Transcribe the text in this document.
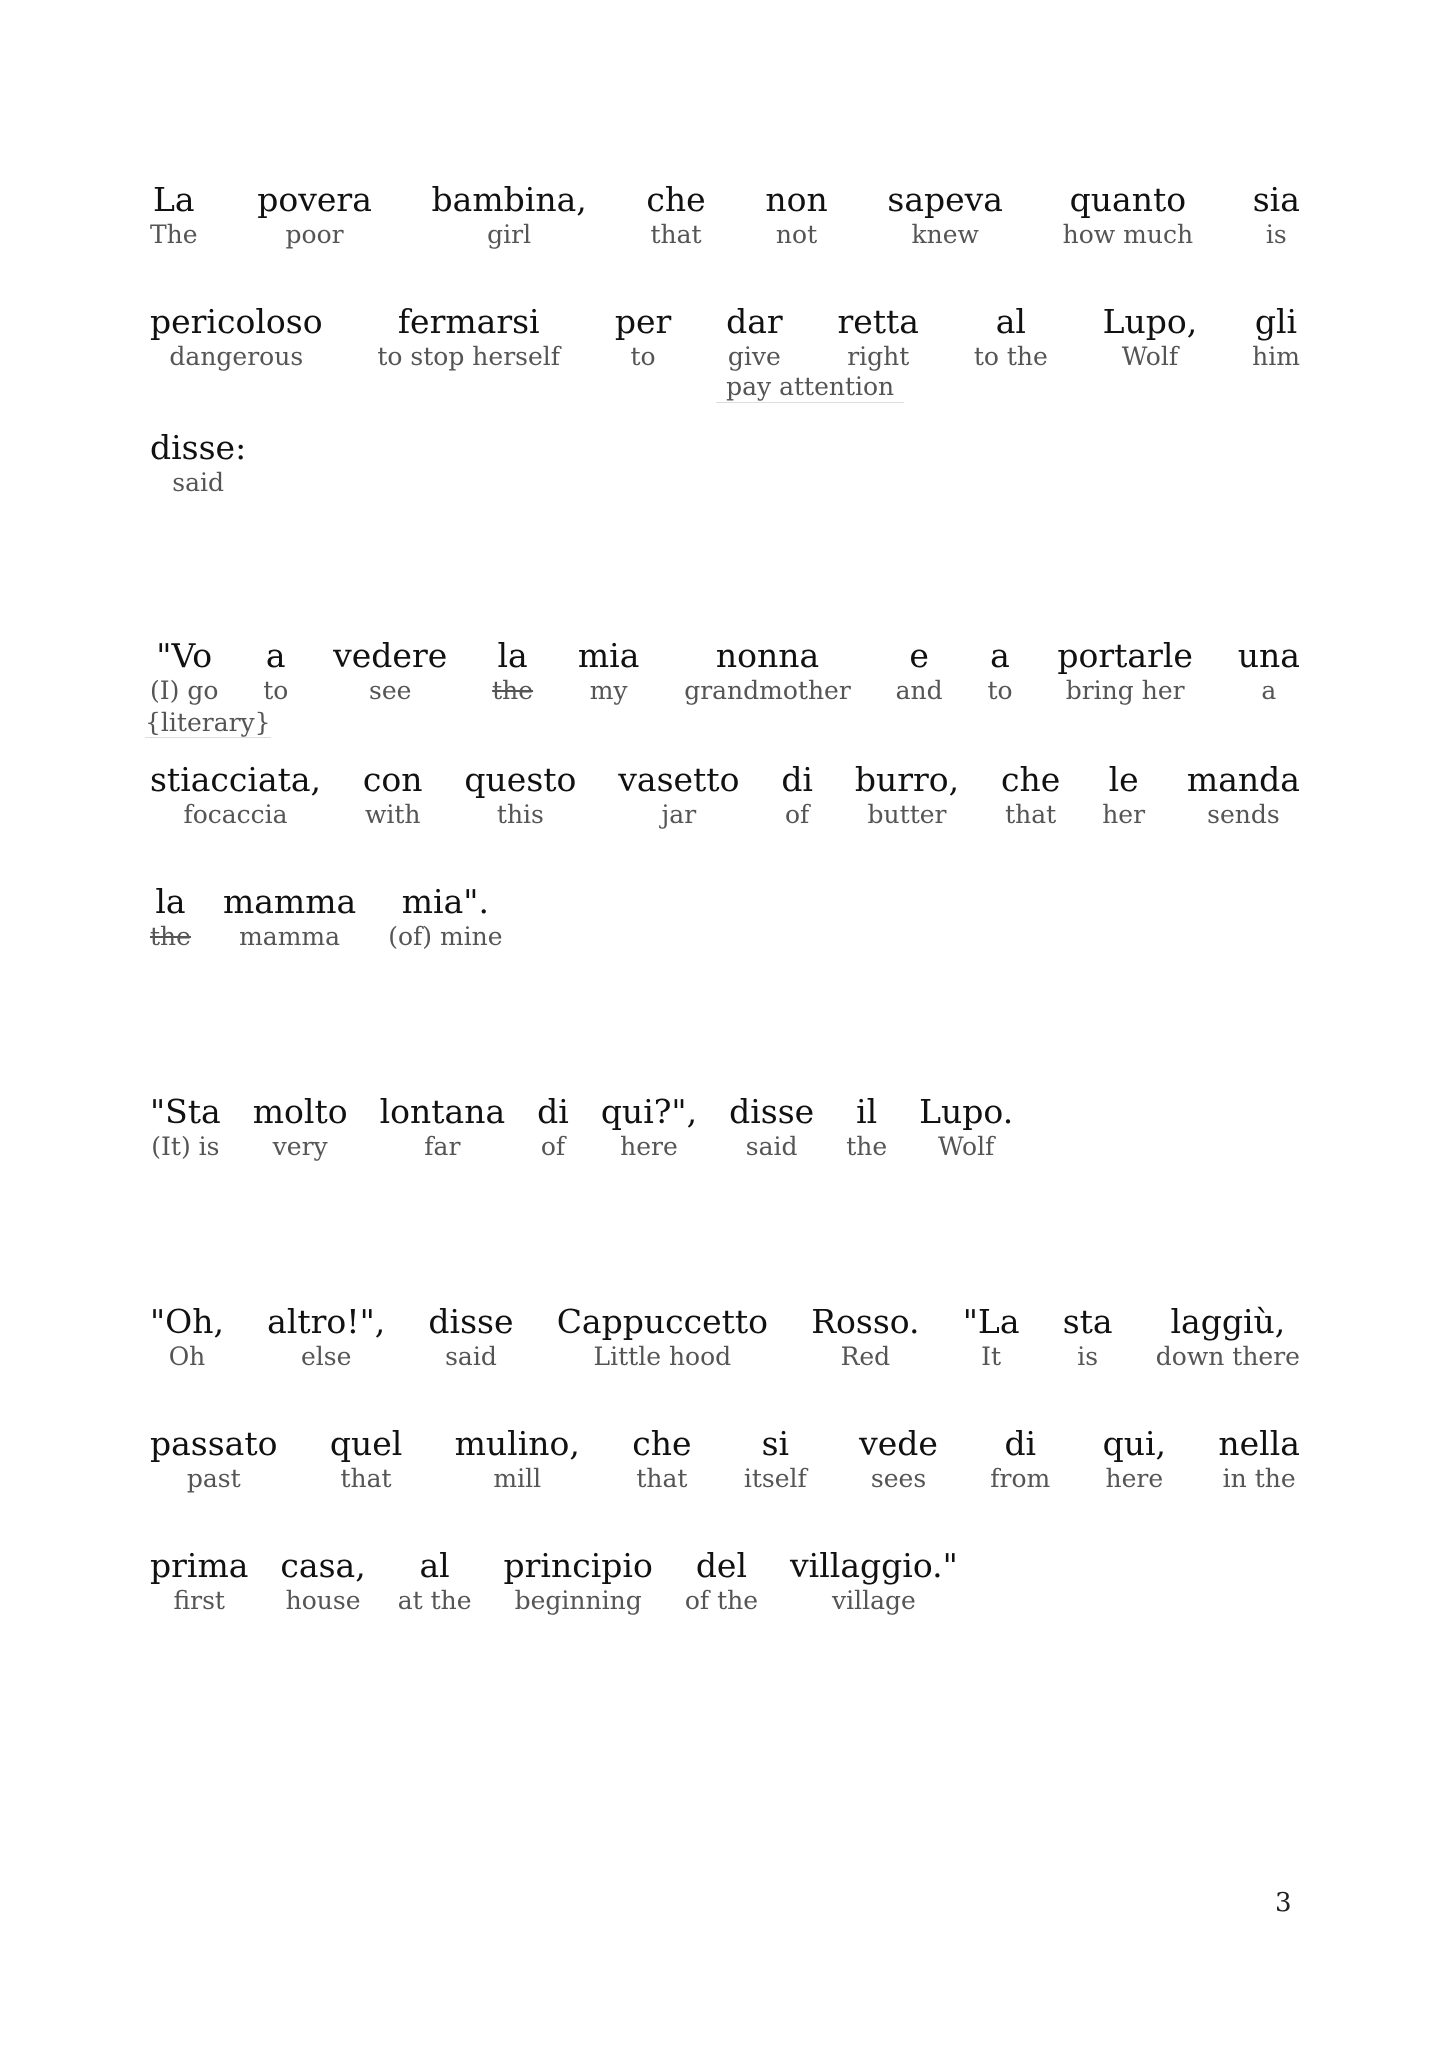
La
The
povera
poor
bambina,
girl
che
that
non
not
sapeva
knew
quanto
how much
sia
is
pericoloso
dangerous
fermarsi
to stop herself
per
to
dar
give
pay attention
retta
right
al
to the
Lupo,
Wolf
gli
him
disse:
said
"Vo
(I) go
a
to
vedere
see
la
the
mia
my
nonna
grandmother
e
and
a
to
portarle
bring her
una
a
stiacciata,
focaccia
con
with
questo
this
vasetto
jar
di
of
burro,
butter
che
that
le
her
manda
sends
la
the
mamma
mamma
mia".
(of) mine
"Sta
(It) is
molto
very
lontana
far
di
of
qui?",
here
disse
said
il
the
Lupo.
Wolf
"Oh,
Oh
altro!",
else
disse
said
Cappuccetto
Little hood
Rosso.
Red
"La
It
sta
is
laggiù,
down there
passato
past
quel
that
mulino,
mill
che
that
si
itself
vede
sees
di
from
qui,
here
nella
in the
prima
first
casa,
house
al
at the
principio
beginning
del
of the
villaggio."
village
{literary}
3
